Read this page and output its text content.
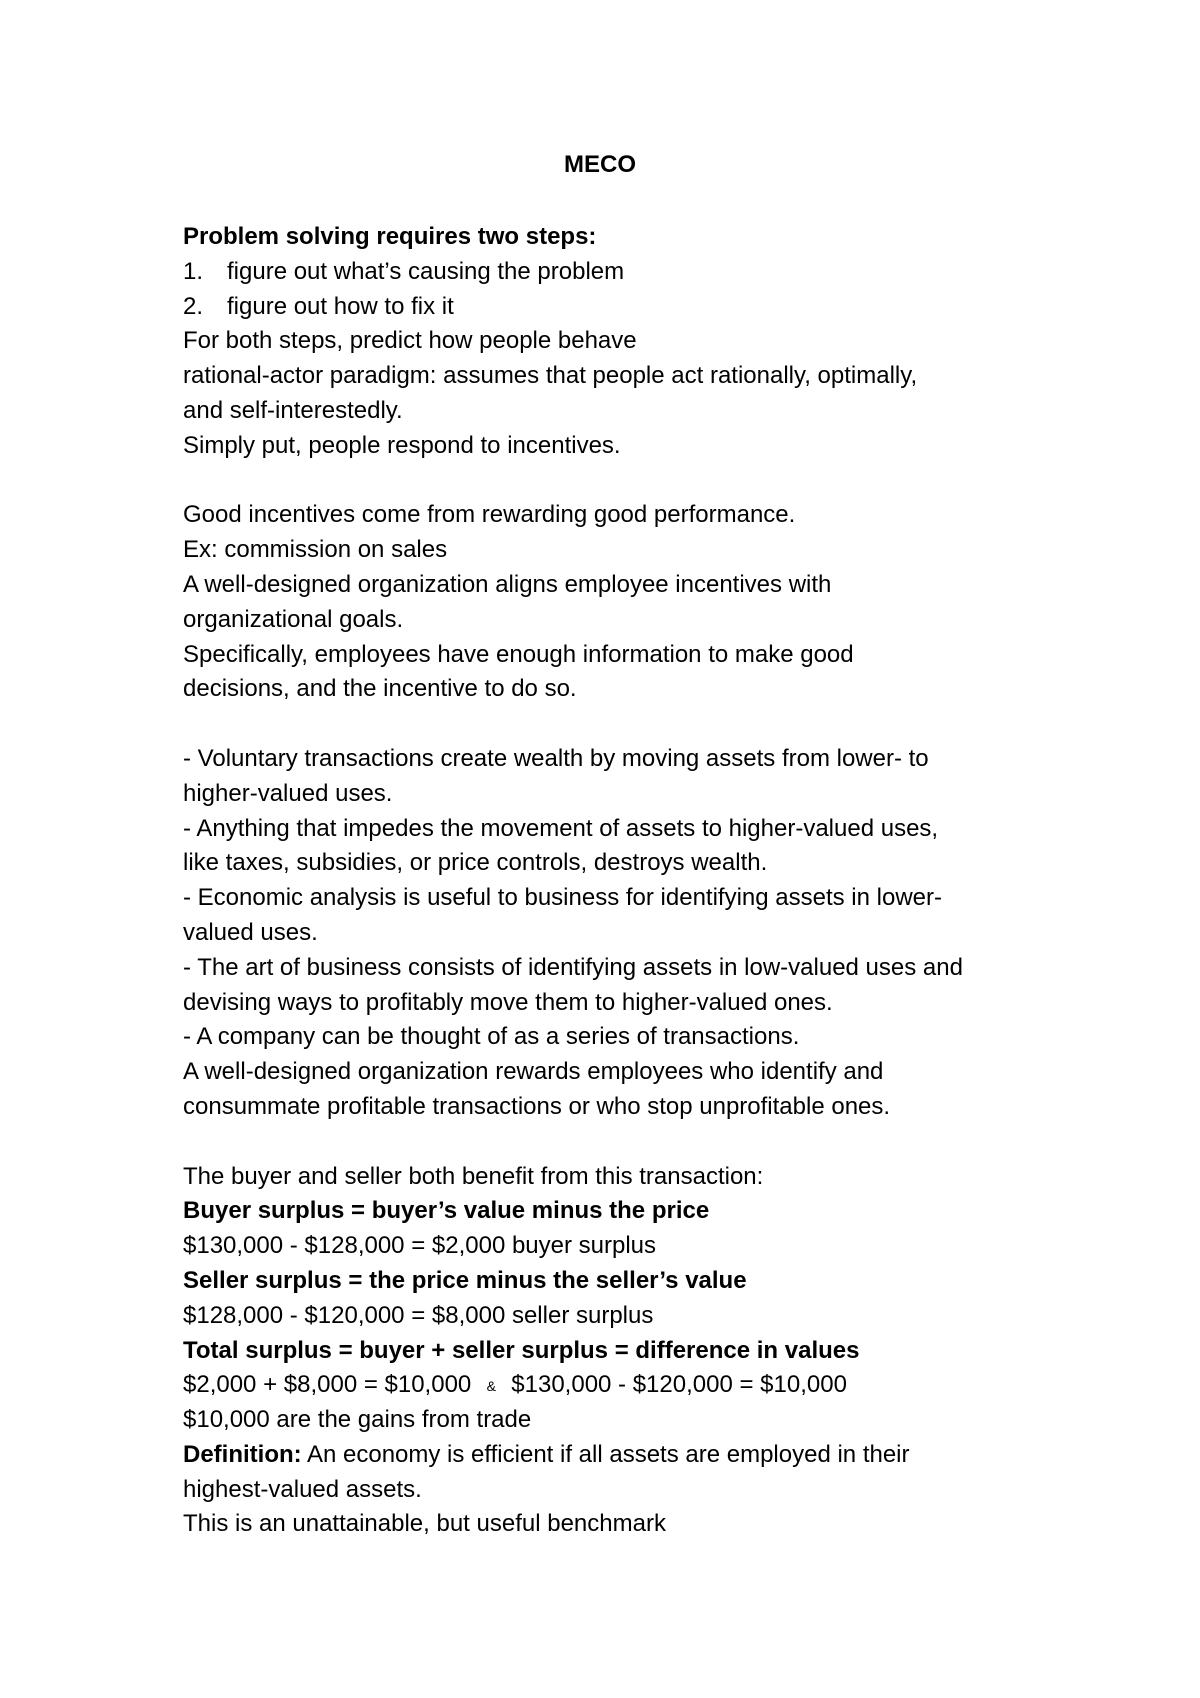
MECO
Problem solving requires two steps:
1. figure out what’s causing the problem
2. figure out how to fix it
For both steps, predict how people behave
rational-actor paradigm: assumes that people act rationally, optimally,
and self-interestedly.
Simply put, people respond to incentives.
Good incentives come from rewarding good performance.
Ex: commission on sales
A well-designed organization aligns employee incentives with
organizational goals.
Specifically, employees have enough information to make good
decisions, and the incentive to do so.
- Voluntary transactions create wealth by moving assets from lower- to
higher-valued uses.
- Anything that impedes the movement of assets to higher-valued uses,
like taxes, subsidies, or price controls, destroys wealth.
- Economic analysis is useful to business for identifying assets in lower-
valued uses.
- The art of business consists of identifying assets in low-valued uses and
devising ways to profitably move them to higher-valued ones.
- A company can be thought of as a series of transactions.
A well-designed organization rewards employees who identify and
consummate profitable transactions or who stop unprofitable ones.
The buyer and seller both benefit from this transaction:
Buyer surplus = buyer’s value minus the price
$130,000 - $128,000 = $2,000 buyer surplus
Seller surplus = the price minus the seller’s value
$128,000 - $120,000 = $8,000 seller surplus
Total surplus = buyer + seller surplus = difference in values
$2,000 + $8,000 = $10,000 & $130,000 - $120,000 = $10,000
$10,000 are the gains from trade
Definition: An economy is efficient if all assets are employed in their
highest-valued assets.
This is an unattainable, but useful benchmark
